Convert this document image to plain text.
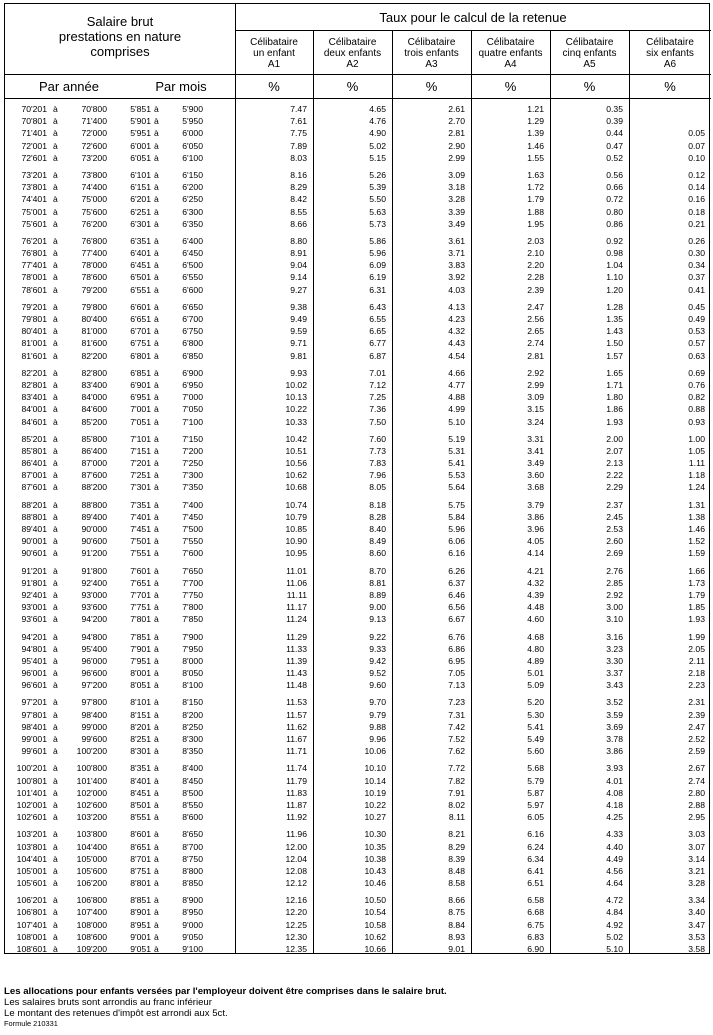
Salaire brut
prestations en nature
comprises
Taux pour le calcul de la retenue
Célibataire
un enfant
A1
Célibataire
deux enfants
A2
Célibataire
trois enfants
A3
Célibataire
quatre enfants
A4
Célibataire
cinq enfants
A5
Célibataire
six enfants
A6
Par année	Par mois	%	%	%	%	%	%
70'201 à	70'800	5'851 à	5'900	7.47	4.65	2.61	1.21	0.35
70'801 à	71'400	5'901 à	5'950	7.61	4.76	2.70	1.29	0.39
71'401 à	72'000	5'951 à	6'000	7.75	4.90	2.81	1.39	0.44	0.05
72'001 à	72'600	6'001 à	6'050	7.89	5.02	2.90	1.46	0.47	0.07
72'601 à	73'200	6'051 à	6'100	8.03	5.15	2.99	1.55	0.52	0.10
73'201 à	73'800	6'101 à	6'150	8.16	5.26	3.09	1.63	0.56	0.12
73'801 à	74'400	6'151 à	6'200	8.29	5.39	3.18	1.72	0.66	0.14
74'401 à	75'000	6'201 à	6'250	8.42	5.50	3.28	1.79	0.72	0.16
75'001 à	75'600	6'251 à	6'300	8.55	5.63	3.39	1.88	0.80	0.18
75'601 à	76'200	6'301 à	6'350	8.66	5.73	3.49	1.95	0.86	0.21
76'201 à	76'800	6'351 à	6'400	8.80	5.86	3.61	2.03	0.92	0.26
76'801 à	77'400	6'401 à	6'450	8.91	5.96	3.71	2.10	0.98	0.30
77'401 à	78'000	6'451 à	6'500	9.04	6.09	3.83	2.20	1.04	0.34
78'001 à	78'600	6'501 à	6'550	9.14	6.19	3.92	2.28	1.10	0.37
78'601 à	79'200	6'551 à	6'600	9.27	6.31	4.03	2.39	1.20	0.41
79'201 à	79'800	6'601 à	6'650	9.38	6.43	4.13	2.47	1.28	0.45
79'801 à	80'400	6'651 à	6'700	9.49	6.55	4.23	2.56	1.35	0.49
80'401 à	81'000	6'701 à	6'750	9.59	6.65	4.32	2.65	1.43	0.53
81'001 à	81'600	6'751 à	6'800	9.71	6.77	4.43	2.74	1.50	0.57
81'601 à	82'200	6'801 à	6'850	9.81	6.87	4.54	2.81	1.57	0.63
82'201 à	82'800	6'851 à	6'900	9.93	7.01	4.66	2.92	1.65	0.69
82'801 à	83'400	6'901 à	6'950	10.02	7.12	4.77	2.99	1.71	0.76
83'401 à	84'000	6'951 à	7'000	10.13	7.25	4.88	3.09	1.80	0.82
84'001 à	84'600	7'001 à	7'050	10.22	7.36	4.99	3.15	1.86	0.88
84'601 à	85'200	7'051 à	7'100	10.33	7.50	5.10	3.24	1.93	0.93
85'201 à	85'800	7'101 à	7'150	10.42	7.60	5.19	3.31	2.00	1.00
85'801 à	86'400	7'151 à	7'200	10.51	7.73	5.31	3.41	2.07	1.05
86'401 à	87'000	7'201 à	7'250	10.56	7.83	5.41	3.49	2.13	1.11
87'001 à	87'600	7'251 à	7'300	10.62	7.96	5.53	3.60	2.22	1.18
87'601 à	88'200	7'301 à	7'350	10.68	8.05	5.64	3.68	2.29	1.24
88'201 à	88'800	7'351 à	7'400	10.74	8.18	5.75	3.79	2.37	1.31
88'801 à	89'400	7'401 à	7'450	10.79	8.28	5.84	3.86	2.45	1.38
89'401 à	90'000	7'451 à	7'500	10.85	8.40	5.96	3.96	2.53	1.46
90'001 à	90'600	7'501 à	7'550	10.90	8.49	6.06	4.05	2.60	1.52
90'601 à	91'200	7'551 à	7'600	10.95	8.60	6.16	4.14	2.69	1.59
91'201 à	91'800	7'601 à	7'650	11.01	8.70	6.26	4.21	2.76	1.66
91'801 à	92'400	7'651 à	7'700	11.06	8.81	6.37	4.32	2.85	1.73
92'401 à	93'000	7'701 à	7'750	11.11	8.89	6.46	4.39	2.92	1.79
93'001 à	93'600	7'751 à	7'800	11.17	9.00	6.56	4.48	3.00	1.85
93'601 à	94'200	7'801 à	7'850	11.24	9.13	6.67	4.60	3.10	1.93
94'201 à	94'800	7'851 à	7'900	11.29	9.22	6.76	4.68	3.16	1.99
94'801 à	95'400	7'901 à	7'950	11.33	9.33	6.86	4.80	3.23	2.05
95'401 à	96'000	7'951 à	8'000	11.39	9.42	6.95	4.89	3.30	2.11
96'001 à	96'600	8'001 à	8'050	11.43	9.52	7.05	5.01	3.37	2.18
96'601 à	97'200	8'051 à	8'100	11.48	9.60	7.13	5.09	3.43	2.23
97'201 à	97'800	8'101 à	8'150	11.53	9.70	7.23	5.20	3.52	2.31
97'801 à	98'400	8'151 à	8'200	11.57	9.79	7.31	5.30	3.59	2.39
98'401 à	99'000	8'201 à	8'250	11.62	9.88	7.42	5.41	3.69	2.47
99'001 à	99'600	8'251 à	8'300	11.67	9.96	7.52	5.49	3.78	2.52
99'601 à	100'200	8'301 à	8'350	11.71	10.06	7.62	5.60	3.86	2.59
100'201 à	100'800	8'351 à	8'400	11.74	10.10	7.72	5.68	3.93	2.67
100'801 à	101'400	8'401 à	8'450	11.79	10.14	7.82	5.79	4.01	2.74
101'401 à	102'000	8'451 à	8'500	11.83	10.19	7.91	5.87	4.08	2.80
102'001 à	102'600	8'501 à	8'550	11.87	10.22	8.02	5.97	4.18	2.88
102'601 à	103'200	8'551 à	8'600	11.92	10.27	8.11	6.05	4.25	2.95
103'201 à	103'800	8'601 à	8'650	11.96	10.30	8.21	6.16	4.33	3.03
103'801 à	104'400	8'651 à	8'700	12.00	10.35	8.29	6.24	4.40	3.07
104'401 à	105'000	8'701 à	8'750	12.04	10.38	8.39	6.34	4.49	3.14
105'001 à	105'600	8'751 à	8'800	12.08	10.43	8.48	6.41	4.56	3.21
105'601 à	106'200	8'801 à	8'850	12.12	10.46	8.58	6.51	4.64	3.28
106'201 à	106'800	8'851 à	8'900	12.16	10.50	8.66	6.58	4.72	3.34
106'801 à	107'400	8'901 à	8'950	12.20	10.54	8.75	6.68	4.84	3.40
107'401 à	108'000	8'951 à	9'000	12.25	10.58	8.84	6.75	4.92	3.47
108'001 à	108'600	9'001 à	9'050	12.30	10.62	8.93	6.83	5.02	3.53
108'601 à	109'200	9'051 à	9'100	12.35	10.66	9.01	6.90	5.10	3.58
Les allocations pour enfants versées par l'employeur doivent être comprises dans le salaire brut.
Les salaires bruts sont arrondis au franc inférieur
Le montant des retenues d'impôt est arrondi aux 5ct.
Formule 210331
